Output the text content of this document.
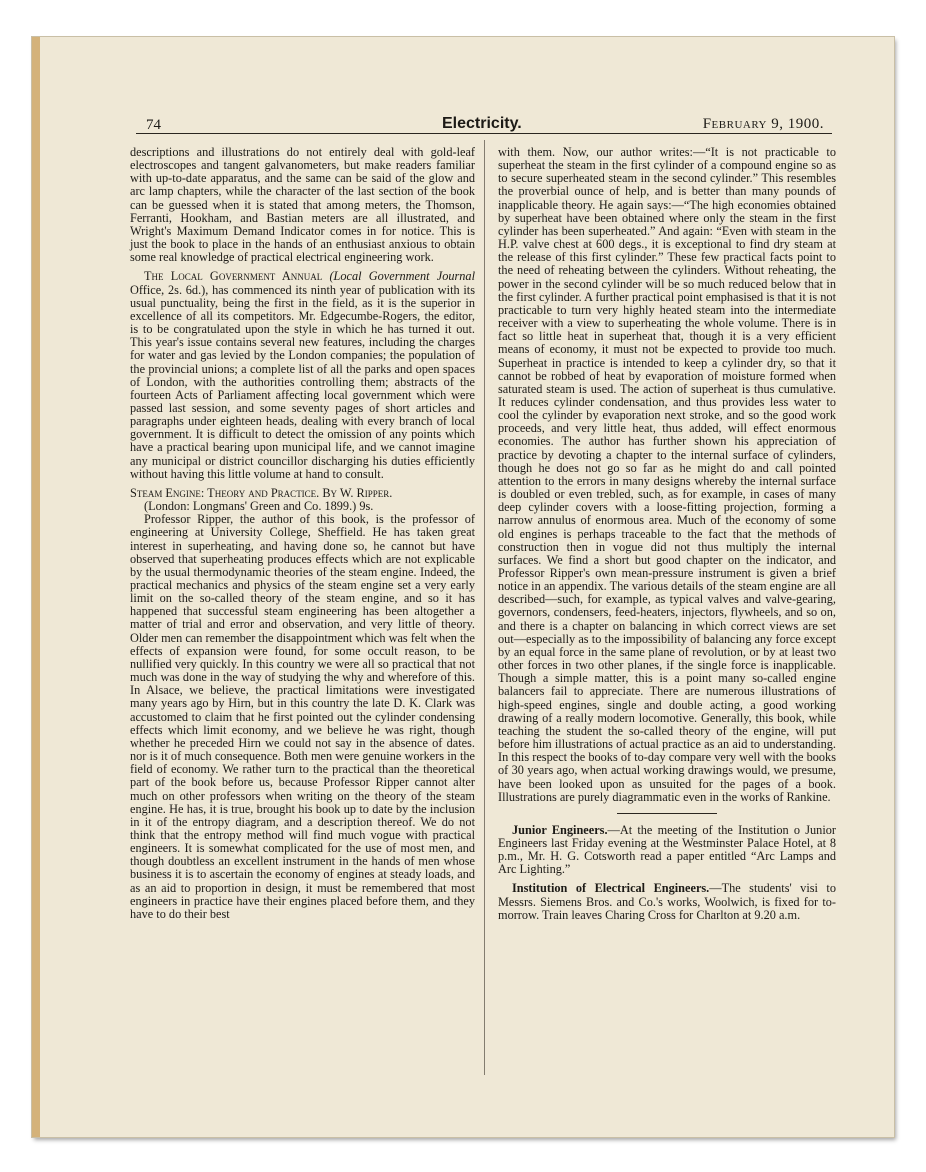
74	Electricity.	February 9, 1900.

descriptions and illustrations do not entirely deal with gold-leaf electroscopes and tangent galvanometers, but make readers familiar with up-to-date apparatus, and the same can be said of the glow and arc lamp chapters, while the character of the last section of the book can be guessed when it is stated that among meters, the Thomson, Ferranti, Hookham, and Bastian meters are all illustrated, and Wright's Maximum Demand Indicator comes in for notice. This is just the book to place in the hands of an enthusiast anxious to obtain some real knowledge of practical electrical engineering work.

The Local Government Annual (Local Government Journal Office, 2s. 6d.), has commenced its ninth year of publication with its usual punctuality, being the first in the field, as it is the superior in excellence of all its competitors. Mr. Edgecumbe-Rogers, the editor, is to be congratulated upon the style in which he has turned it out. This year's issue contains several new features, including the charges for water and gas levied by the London companies; the population of the provincial unions; a complete list of all the parks and open spaces of London, with the authorities controlling them; abstracts of the fourteen Acts of Parliament affecting local government which were passed last session, and some seventy pages of short articles and paragraphs under eighteen heads, dealing with every branch of local government. It is difficult to detect the omission of any points which have a practical bearing upon municipal life, and we cannot imagine any municipal or district councillor discharging his duties efficiently without having this little volume at hand to consult.

Steam Engine: Theory and Practice. By W. Ripper.

(London: Longmans' Green and Co. 1899.) 9s.

Professor Ripper, the author of this book, is the professor of engineering at University College, Sheffield. He has taken great interest in superheating, and having done so, he cannot but have observed that superheating produces effects which are not explicable by the usual thermodynamic theories of the steam engine. Indeed, the practical mechanics and physics of the steam engine set a very early limit on the so-called theory of the steam engine, and so it has happened that successful steam engineering has been altogether a matter of trial and error and observation, and very little of theory. Older men can remember the disappointment which was felt when the effects of expansion were found, for some occult reason, to be nullified very quickly. In this country we were all so practical that not much was done in the way of studying the why and wherefore of this. In Alsace, we believe, the practical limitations were investigated many years ago by Hirn, but in this country the late D. K. Clark was accustomed to claim that he first pointed out the cylinder condensing effects which limit economy, and we believe he was right, though whether he preceded Hirn we could not say in the absence of dates. nor is it of much consequence. Both men were genuine workers in the field of economy. We rather turn to the practical than the theoretical part of the book before us, because Professor Ripper cannot alter much on other professors when writing on the theory of the steam engine. He has, it is true, brought his book up to date by the inclusion in it of the entropy diagram, and a description thereof. We do not think that the entropy method will find much vogue with practical engineers. It is somewhat complicated for the use of most men, and though doubtless an excellent instrument in the hands of men whose business it is to ascertain the economy of engines at steady loads, and as an aid to proportion in design, it must be remembered that most engineers in practice have their engines placed before them, and they have to do their best

with them. Now, our author writes:—“It is not practicable to superheat the steam in the first cylinder of a compound engine so as to secure superheated steam in the second cylinder.” This resembles the proverbial ounce of help, and is better than many pounds of inapplicable theory. He again says:—“The high economies obtained by superheat have been obtained where only the steam in the first cylinder has been superheated.” And again: “Even with steam in the H.P. valve chest at 600 degs., it is exceptional to find dry steam at the release of this first cylinder.” These few practical facts point to the need of reheating between the cylinders. Without reheating, the power in the second cylinder will be so much reduced below that in the first cylinder. A further practical point emphasised is that it is not practicable to turn very highly heated steam into the intermediate receiver with a view to superheating the whole volume. There is in fact so little heat in superheat that, though it is a very efficient means of economy, it must not be expected to provide too much. Superheat in practice is intended to keep a cylinder dry, so that it cannot be robbed of heat by evaporation of moisture formed when saturated steam is used. The action of superheat is thus cumulative. It reduces cylinder condensation, and thus provides less water to cool the cylinder by evaporation next stroke, and so the good work proceeds, and very little heat, thus added, will effect enormous economies. The author has further shown his appreciation of practice by devoting a chapter to the internal surface of cylinders, though he does not go so far as he might do and call pointed attention to the errors in many designs whereby the internal surface is doubled or even trebled, such, as for example, in cases of many deep cylinder covers with a loose-fitting projection, forming a narrow annulus of enormous area. Much of the economy of some old engines is perhaps traceable to the fact that the methods of construction then in vogue did not thus multiply the internal surfaces. We find a short but good chapter on the indicator, and Professor Ripper's own mean-pressure instrument is given a brief notice in an appendix. The various details of the steam engine are all described—such, for example, as typical valves and valve-gearing, governors, condensers, feed-heaters, injectors, flywheels, and so on, and there is a chapter on balancing in which correct views are set out—especially as to the impossibility of balancing any force except by an equal force in the same plane of revolution, or by at least two other forces in two other planes, if the single force is inapplicable. Though a simple matter, this is a point many so-called engine balancers fail to appreciate. There are numerous illustrations of high-speed engines, single and double acting, a good working drawing of a really modern locomotive. Generally, this book, while teaching the student the so-called theory of the engine, will put before him illustrations of actual practice as an aid to understanding. In this respect the books of to-day compare very well with the books of 30 years ago, when actual working drawings would, we presume, have been looked upon as unsuited for the pages of a book. Illustrations are purely diagrammatic even in the works of Rankine.

Junior Engineers.—At the meeting of the Institution o Junior Engineers last Friday evening at the Westminster Palace Hotel, at 8 p.m., Mr. H. G. Cotsworth read a paper entitled “Arc Lamps and Arc Lighting.”

Institution of Electrical Engineers.—The students' visi to Messrs. Siemens Bros. and Co.'s works, Woolwich, is fixed for to-morrow. Train leaves Charing Cross for Charlton at 9.20 a.m.
